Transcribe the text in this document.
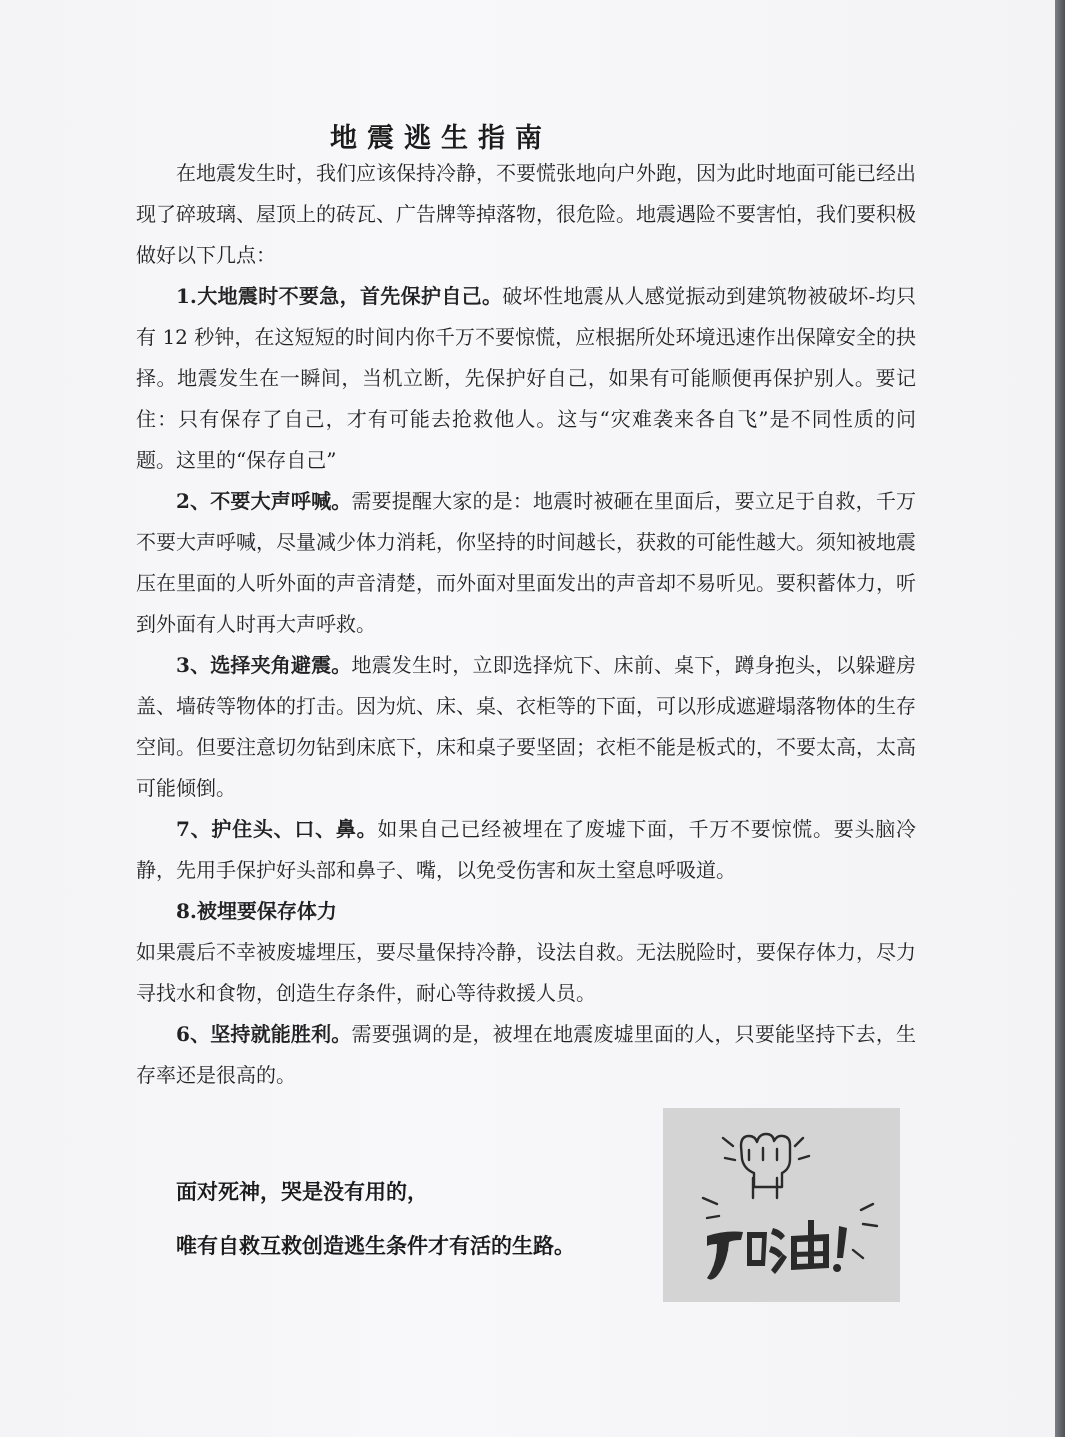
地震逃生指南

在地震发生时，我们应该保持冷静，不要慌张地向户外跑，因为此时地面可能已经出现了碎玻璃、屋顶上的砖瓦、广告牌等掉落物，很危险。地震遇险不要害怕，我们要积极做好以下几点：

1.大地震时不要急，首先保护自己。破坏性地震从人感觉振动到建筑物被破坏-均只有 12 秒钟，在这短短的时间内你千万不要惊慌，应根据所处环境迅速作出保障安全的抉择。地震发生在一瞬间，当机立断，先保护好自己，如果有可能顺便再保护别人。要记住：只有保存了自己，才有可能去抢救他人。这与“灾难袭来各自飞”是不同性质的问题。这里的“保存自己”

2、不要大声呼喊。需要提醒大家的是：地震时被砸在里面后，要立足于自救，千万不要大声呼喊，尽量减少体力消耗，你坚持的时间越长，获救的可能性越大。须知被地震压在里面的人听外面的声音清楚，而外面对里面发出的声音却不易听见。要积蓄体力，听到外面有人时再大声呼救。

3、选择夹角避震。地震发生时，立即选择炕下、床前、桌下，蹲身抱头，以躲避房盖、墙砖等物体的打击。因为炕、床、桌、衣柜等的下面，可以形成遮避塌落物体的生存空间。但要注意切勿钻到床底下，床和桌子要坚固；衣柜不能是板式的，不要太高，太高可能倾倒。

7、护住头、口、鼻。如果自己已经被埋在了废墟下面，千万不要惊慌。要头脑冷静，先用手保护好头部和鼻子、嘴，以免受伤害和灰土窒息呼吸道。

8.被埋要保存体力

如果震后不幸被废墟埋压，要尽量保持冷静，设法自救。无法脱险时，要保存体力，尽力寻找水和食物，创造生存条件，耐心等待救援人员。

6、坚持就能胜利。需要强调的是，被埋在地震废墟里面的人，只要能坚持下去，生存率还是很高的。

面对死神，哭是没有用的，
唯有自救互救创造逃生条件才有活的生路。
